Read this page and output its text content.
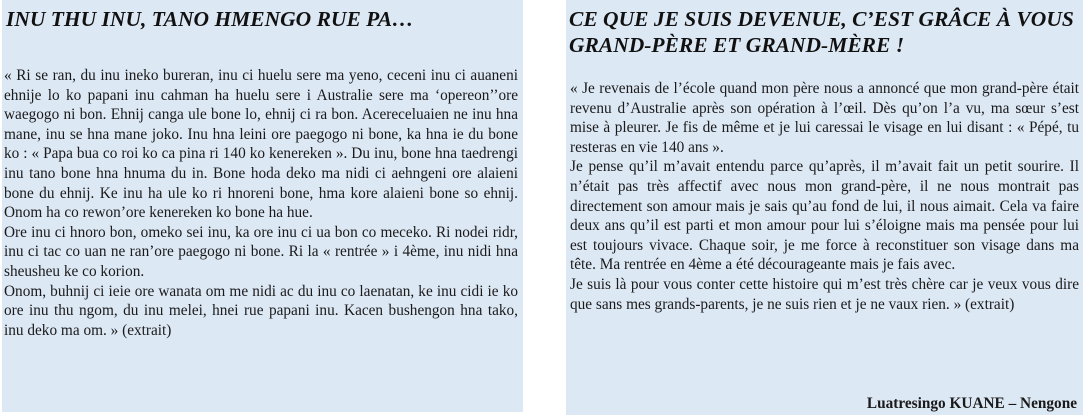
INU THU INU, TANO HMENGO RUE PA…

« Ri se ran, du inu ineko bureran, inu ci huelu sere ma yeno, ceceni inu ci auaneni ehnije lo ko papani inu cahman ha huelu sere i Australie sere ma ‘opereon’’ore waegogo ni bon. Ehnij canga ule bone lo, ehnij ci ra bon. Acereceluaien ne inu hna mane, inu se hna mane joko. Inu hna leini ore paegogo ni bone, ka hna ie du bone ko : « Papa bua co roi ko ca pina ri 140 ko kenereken ». Du inu, bone hna taedrengi inu tano bone hna hnuma du in. Bone hoda deko ma nidi ci aehngeni ore alaieni bone du ehnij. Ke inu ha ule ko ri hnoreni bone, hma kore alaieni bone so ehnij. Onom ha co rewon’ore kenereken ko bone ha hue.

Ore inu ci hnoro bon, omeko sei inu, ka ore inu ci ua bon co meceko. Ri nodei ridr, inu ci tac co uan ne ran’ore paegogo ni bone. Ri la « rentrée » i 4ème, inu nidi hna sheusheu ke co korion.

Onom, buhnij ci ieie ore wanata om me nidi ac du inu co laenatan, ke inu cidi ie ko ore inu thu ngom, du inu melei, hnei rue papani inu. Kacen bushengon hna tako, inu deko ma om. » (extrait)

CE QUE JE SUIS DEVENUE, C’EST GRÂCE À VOUS GRAND-PÈRE ET GRAND-MÈRE !

« Je revenais de l’école quand mon père nous a annoncé que mon grand-père était revenu d’Australie après son opération à l’œil. Dès qu’on l’a vu, ma sœur s’est mise à pleurer. Je fis de même et je lui caressai le visage en lui disant : « Pépé, tu resteras en vie 140 ans ».

Je pense qu’il m’avait entendu parce qu’après, il m’avait fait un petit sourire. Il n’était pas très affectif avec nous mon grand-père, il ne nous montrait pas directement son amour mais je sais qu’au fond de lui, il nous aimait. Cela va faire deux ans qu’il est parti et mon amour pour lui s’éloigne mais ma pensée pour lui est toujours vivace. Chaque soir, je me force à reconstituer son visage dans ma tête. Ma rentrée en 4ème a été décourageante mais je fais avec.

Je suis là pour vous conter cette histoire qui m’est très chère car je veux vous dire que sans mes grands-parents, je ne suis rien et je ne vaux rien. » (extrait)

Luatresingo KUANE – Nengone
